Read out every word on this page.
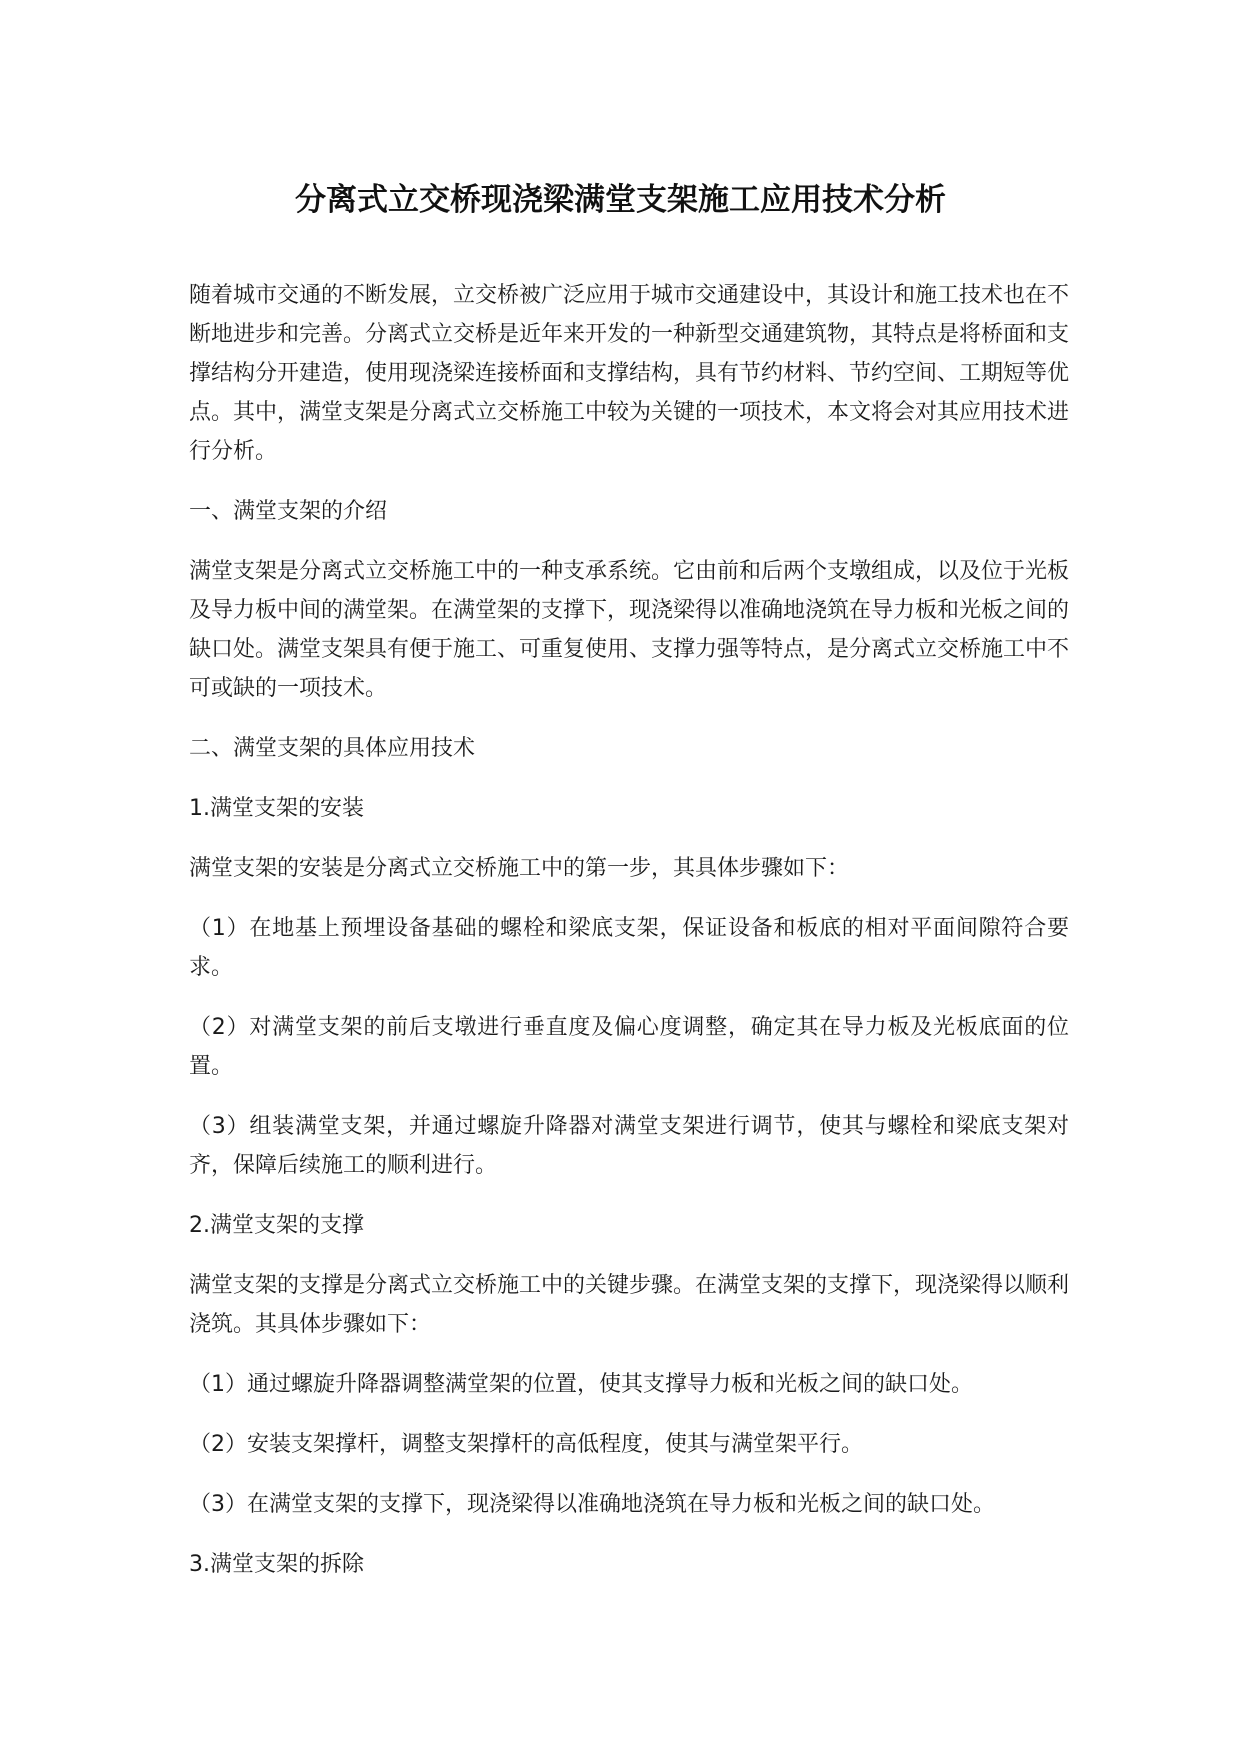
分离式立交桥现浇梁满堂支架施工应用技术分析

随着城市交通的不断发展，立交桥被广泛应用于城市交通建设中，其设计和施工技术也在不断地进步和完善。分离式立交桥是近年来开发的一种新型交通建筑物，其特点是将桥面和支撑结构分开建造，使用现浇梁连接桥面和支撑结构，具有节约材料、节约空间、工期短等优点。其中，满堂支架是分离式立交桥施工中较为关键的一项技术，本文将会对其应用技术进行分析。

一、满堂支架的介绍

满堂支架是分离式立交桥施工中的一种支承系统。它由前和后两个支墩组成，以及位于光板及导力板中间的满堂架。在满堂架的支撑下，现浇梁得以准确地浇筑在导力板和光板之间的缺口处。满堂支架具有便于施工、可重复使用、支撑力强等特点，是分离式立交桥施工中不可或缺的一项技术。

二、满堂支架的具体应用技术

1.满堂支架的安装

满堂支架的安装是分离式立交桥施工中的第一步，其具体步骤如下：

（1）在地基上预埋设备基础的螺栓和梁底支架，保证设备和板底的相对平面间隙符合要求。

（2）对满堂支架的前后支墩进行垂直度及偏心度调整，确定其在导力板及光板底面的位置。

（3）组装满堂支架，并通过螺旋升降器对满堂支架进行调节，使其与螺栓和梁底支架对齐，保障后续施工的顺利进行。

2.满堂支架的支撑

满堂支架的支撑是分离式立交桥施工中的关键步骤。在满堂支架的支撑下，现浇梁得以顺利浇筑。其具体步骤如下：

（1）通过螺旋升降器调整满堂架的位置，使其支撑导力板和光板之间的缺口处。

（2）安装支架撑杆，调整支架撑杆的高低程度，使其与满堂架平行。

（3）在满堂支架的支撑下，现浇梁得以准确地浇筑在导力板和光板之间的缺口处。

3.满堂支架的拆除
